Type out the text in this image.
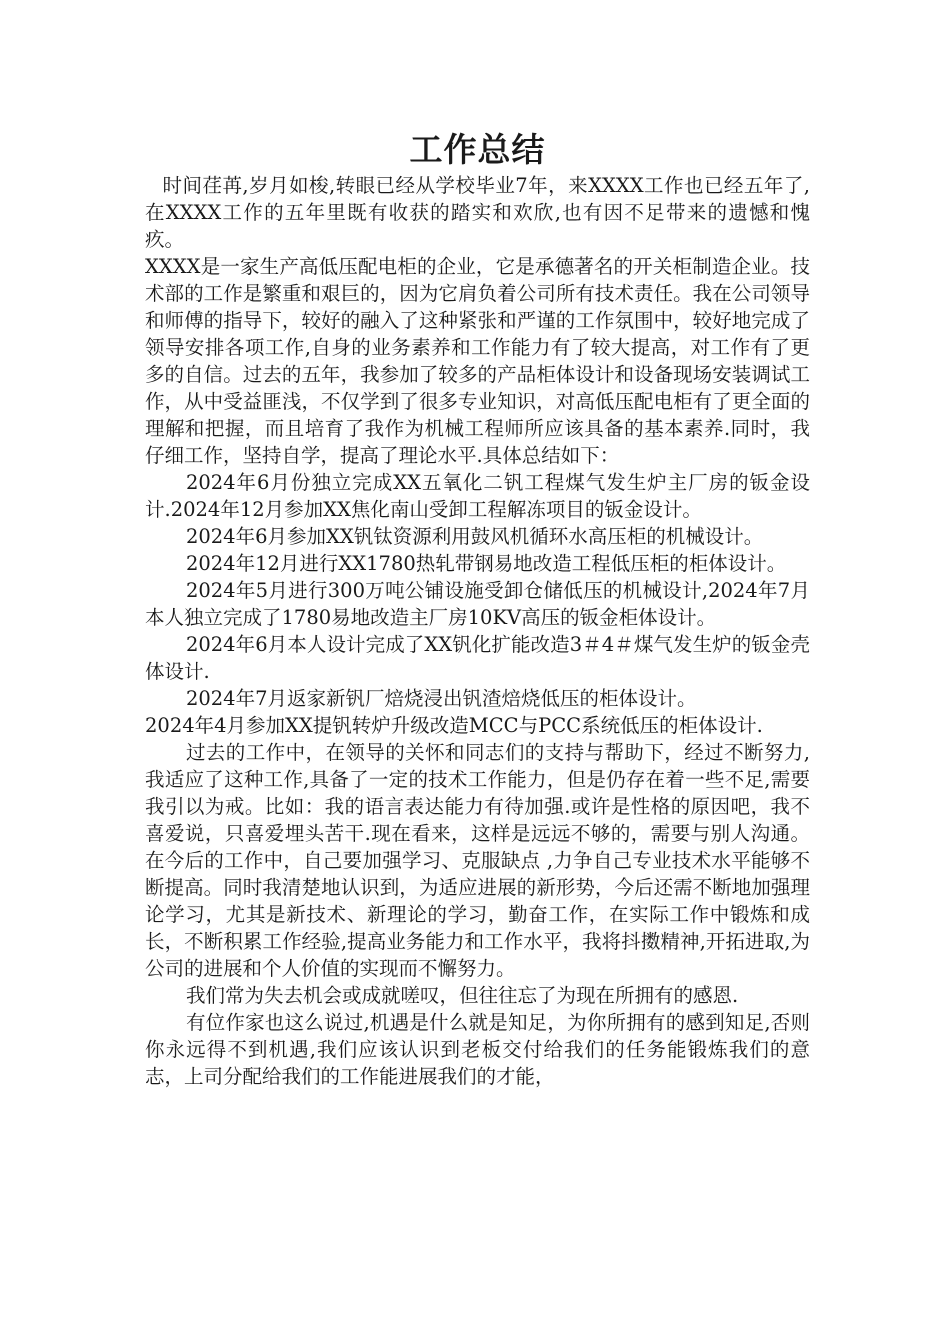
工作总结

时间荏苒,岁月如梭,转眼已经从学校毕业7年，来XXXX工作也已经五年了,在XXXX工作的五年里既有收获的踏实和欢欣,也有因不足带来的遗憾和愧疚。

XXXX是一家生产高低压配电柜的企业，它是承德著名的开关柜制造企业。技术部的工作是繁重和艰巨的，因为它肩负着公司所有技术责任。我在公司领导和师傅的指导下，较好的融入了这种紧张和严谨的工作氛围中，较好地完成了领导安排各项工作,自身的业务素养和工作能力有了较大提高，对工作有了更多的自信。过去的五年，我参加了较多的产品柜体设计和设备现场安装调试工作，从中受益匪浅，不仅学到了很多专业知识，对高低压配电柜有了更全面的理解和把握，而且培育了我作为机械工程师所应该具备的基本素养.同时，我仔细工作，坚持自学，提高了理论水平.具体总结如下：

2024年6月份独立完成XX五氧化二钒工程煤气发生炉主厂房的钣金设计.2024年12月参加XX焦化南山受卸工程解冻项目的钣金设计。

2024年6月参加XX钒钛资源利用鼓风机循环水高压柜的机械设计。

2024年12月进行XX1780热轧带钢易地改造工程低压柜的柜体设计。

2024年5月进行300万吨公铺设施受卸仓储低压的机械设计,2024年7月本人独立完成了1780易地改造主厂房10KV高压的钣金柜体设计。

2024年6月本人设计完成了XX钒化扩能改造3＃4＃煤气发生炉的钣金壳体设计.

2024年7月返家新钒厂焙烧浸出钒渣焙烧低压的柜体设计。

2024年4月参加XX提钒转炉升级改造MCC与PCC系统低压的柜体设计.

过去的工作中，在领导的关怀和同志们的支持与帮助下，经过不断努力,我适应了这种工作,具备了一定的技术工作能力，但是仍存在着一些不足,需要我引以为戒。比如：我的语言表达能力有待加强.或许是性格的原因吧，我不喜爱说，只喜爱埋头苦干.现在看来，这样是远远不够的，需要与别人沟通。在今后的工作中，自己要加强学习、克服缺点 ,力争自己专业技术水平能够不断提高。同时我清楚地认识到，为适应进展的新形势，今后还需不断地加强理论学习，尤其是新技术、新理论的学习，勤奋工作，在实际工作中锻炼和成长，不断积累工作经验,提高业务能力和工作水平，我将抖擞精神,开拓进取,为公司的进展和个人价值的实现而不懈努力。

我们常为失去机会或成就嗟叹，但往往忘了为现在所拥有的感恩.

有位作家也这么说过,机遇是什么就是知足，为你所拥有的感到知足,否则你永远得不到机遇,我们应该认识到老板交付给我们的任务能锻炼我们的意志，上司分配给我们的工作能进展我们的才能，
